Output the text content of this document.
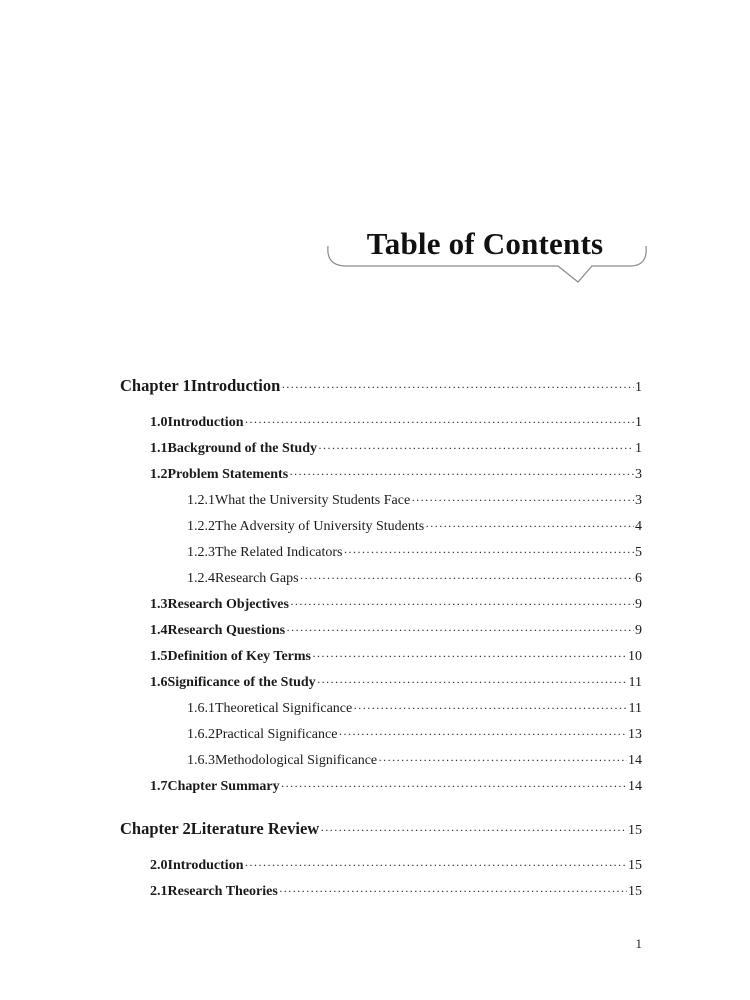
Table of Contents
Chapter 1 Introduction ·····	1
1.0 Introduction ·····	1
1.1 Background of the Study ·····	1
1.2 Problem Statements ·····	3
1.2.1 What the University Students Face ·····	3
1.2.2 The Adversity of University Students ·····	4
1.2.3 The Related Indicators ·····	5
1.2.4 Research Gaps ·····	6
1.3 Research Objectives ·····	9
1.4 Research Questions ·····	9
1.5 Definition of Key Terms ·····	10
1.6 Significance of the Study ·····	11
1.6.1 Theoretical Significance ·····	11
1.6.2 Practical Significance ·····	13
1.6.3 Methodological Significance ·····	14
1.7 Chapter Summary ·····	14
Chapter 2 Literature Review ·····	15
2.0 Introduction ·····	15
2.1 Research Theories ·····	15
1
